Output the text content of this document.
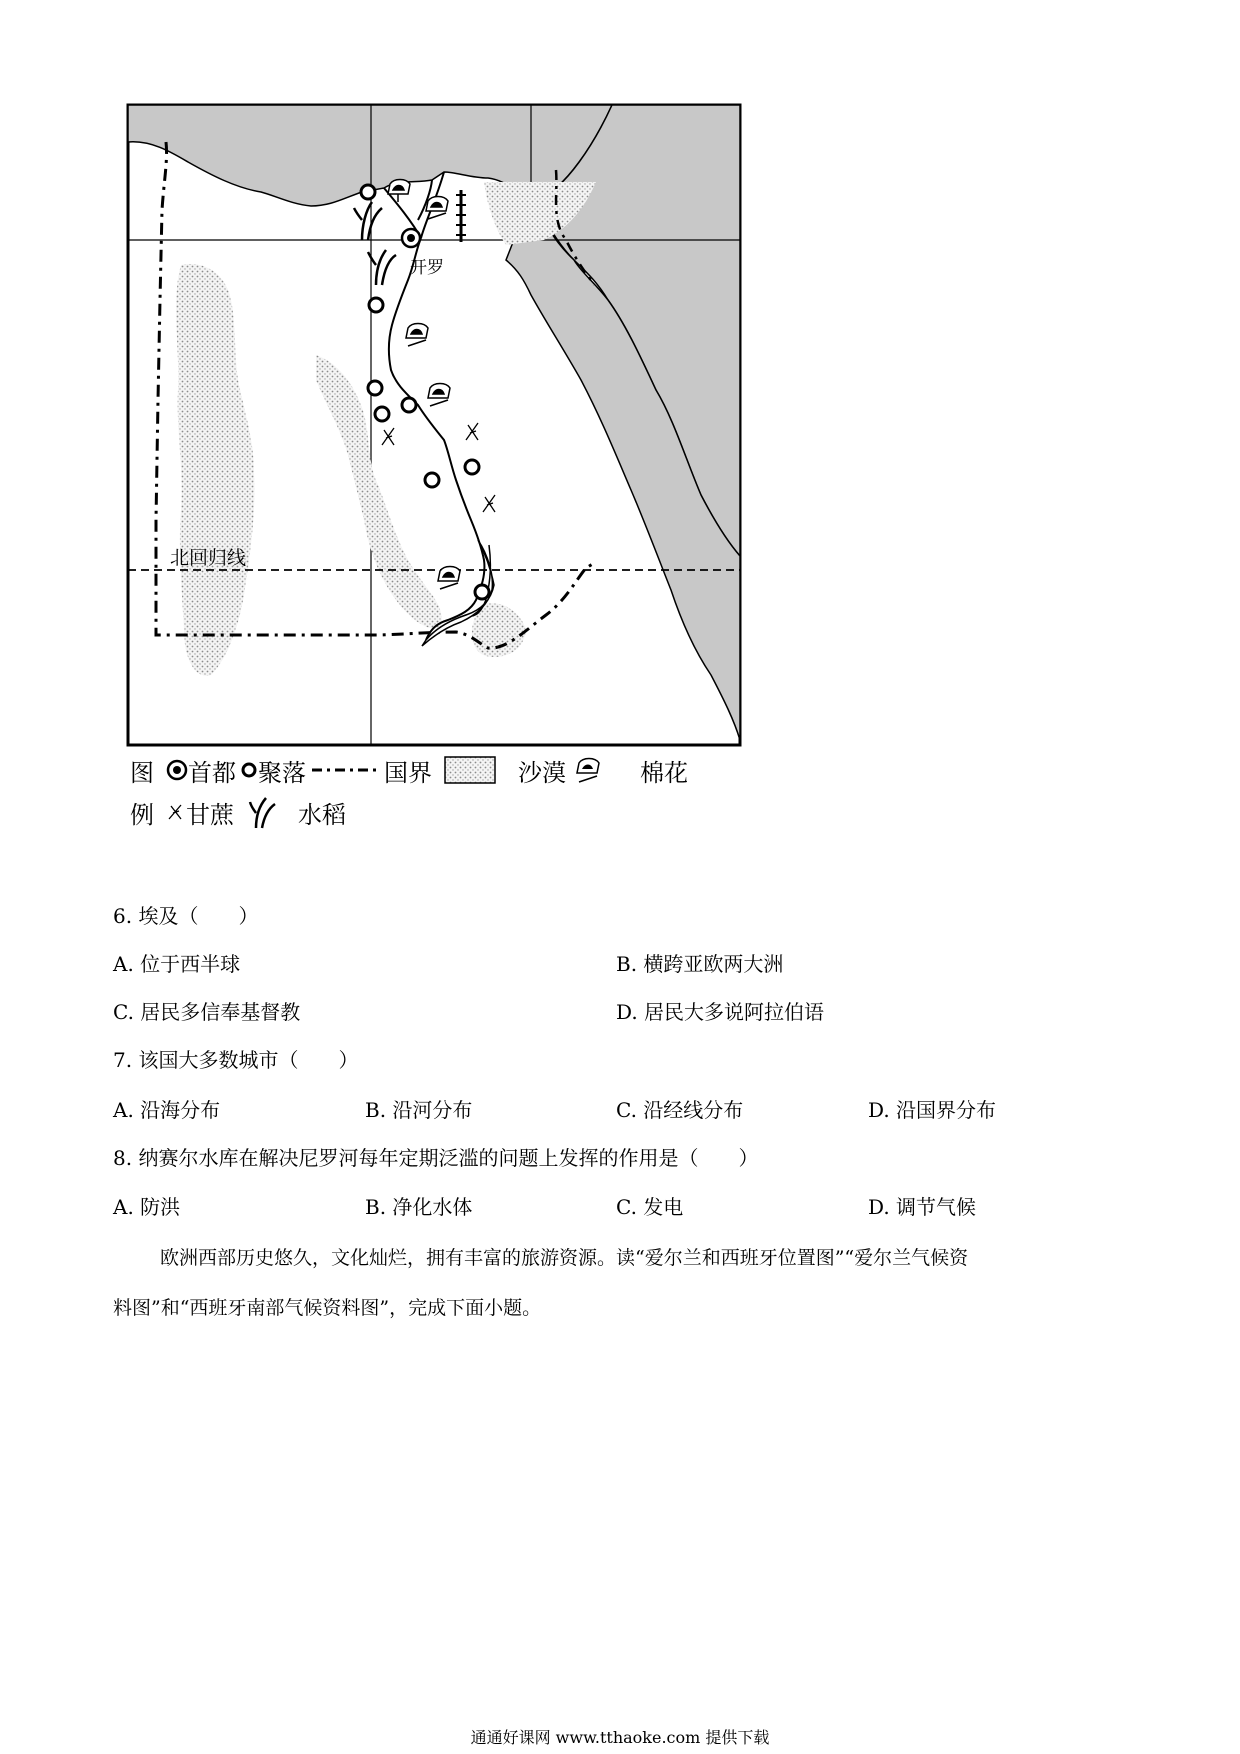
北回归线
开罗
图 首都 聚落	国界	沙漠	棉花
例 甘蔗	水稻
6. 埃及（　　）
A. 位于西半球	B. 横跨亚欧两大洲
C. 居民多信奉基督教	D. 居民大多说阿拉伯语
7. 该国大多数城市（　　）
A. 沿海分布	B. 沿河分布	C. 沿经线分布	D. 沿国界分布
8. 纳赛尔水库在解决尼罗河每年定期泛滥的问题上发挥的作用是（　　）
A. 防洪	B. 净化水体	C. 发电	D. 调节气候
欧洲西部历史悠久，文化灿烂，拥有丰富的旅游资源。读“爱尔兰和西班牙位置图”“爱尔兰气候资
料图”和“西班牙南部气候资料图”，完成下面小题。
通通好课网 www.tthaoke.com 提供下载
